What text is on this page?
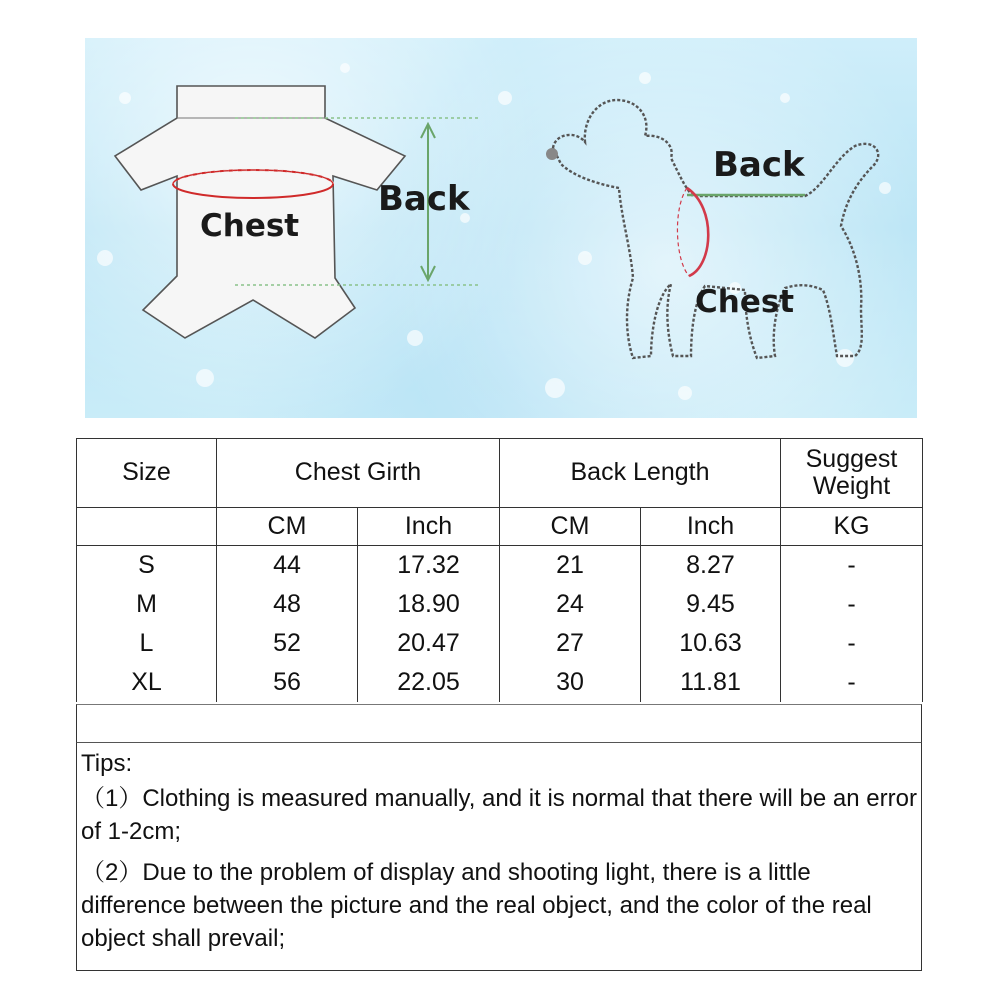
Chest
Back
Back
Chest
Size	Chest Girth		Back Length		Suggest Weight
	CM	Inch	CM	Inch	KG
S	44	17.32	21	8.27	-
M	48	18.90	24	9.45	-
L	52	20.47	27	10.63	-
XL	56	22.05	30	11.81	-

Tips:

（1）Clothing is measured manually, and it is normal that there will be an error of 1-2cm;

（2）Due to the problem of display and shooting light, there is a little difference between the picture and the real object, and the color of the real object shall prevail;
